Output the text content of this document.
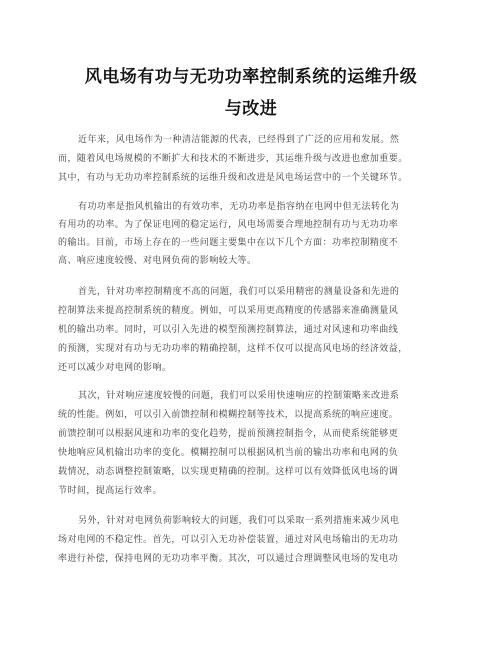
风电场有功与无功功率控制系统的运维升级
与改进
近年来，风电场作为一种清洁能源的代表，已经得到了广泛的应用和发展。然
而，随着风电场规模的不断扩大和技术的不断进步，其运维升级与改进也愈加重要。
其中，有功与无功功率控制系统的运维升级和改进是风电场运营中的一个关键环节。
有功功率是指风机输出的有效功率，无功功率是指容纳在电网中但无法转化为
有用功的功率。为了保证电网的稳定运行，风电场需要合理地控制有功与无功功率
的输出。目前，市场上存在的一些问题主要集中在以下几个方面：功率控制精度不
高、响应速度较慢、对电网负荷的影响较大等。
首先，针对功率控制精度不高的问题，我们可以采用精密的测量设备和先进的
控制算法来提高控制系统的精度。例如，可以采用更高精度的传感器来准确测量风
机的输出功率。同时，可以引入先进的模型预测控制算法，通过对风速和功率曲线
的预测，实现对有功与无功功率的精确控制，这样不仅可以提高风电场的经济效益，
还可以减少对电网的影响。
其次，针对响应速度较慢的问题，我们可以采用快速响应的控制策略来改进系
统的性能。例如，可以引入前馈控制和模糊控制等技术，以提高系统的响应速度。
前馈控制可以根据风速和功率的变化趋势，提前预测控制指令，从而使系统能够更
快地响应风机输出功率的变化。模糊控制可以根据风机当前的输出功率和电网的负
载情况，动态调整控制策略，以实现更精确的控制。这样可以有效降低风电场的调
节时间，提高运行效率。
另外，针对对电网负荷影响较大的问题，我们可以采取一系列措施来减少风电
场对电网的不稳定性。首先，可以引入无功补偿装置，通过对风电场输出的无功功
率进行补偿，保持电网的无功功率平衡。其次，可以通过合理调整风电场的发电功
